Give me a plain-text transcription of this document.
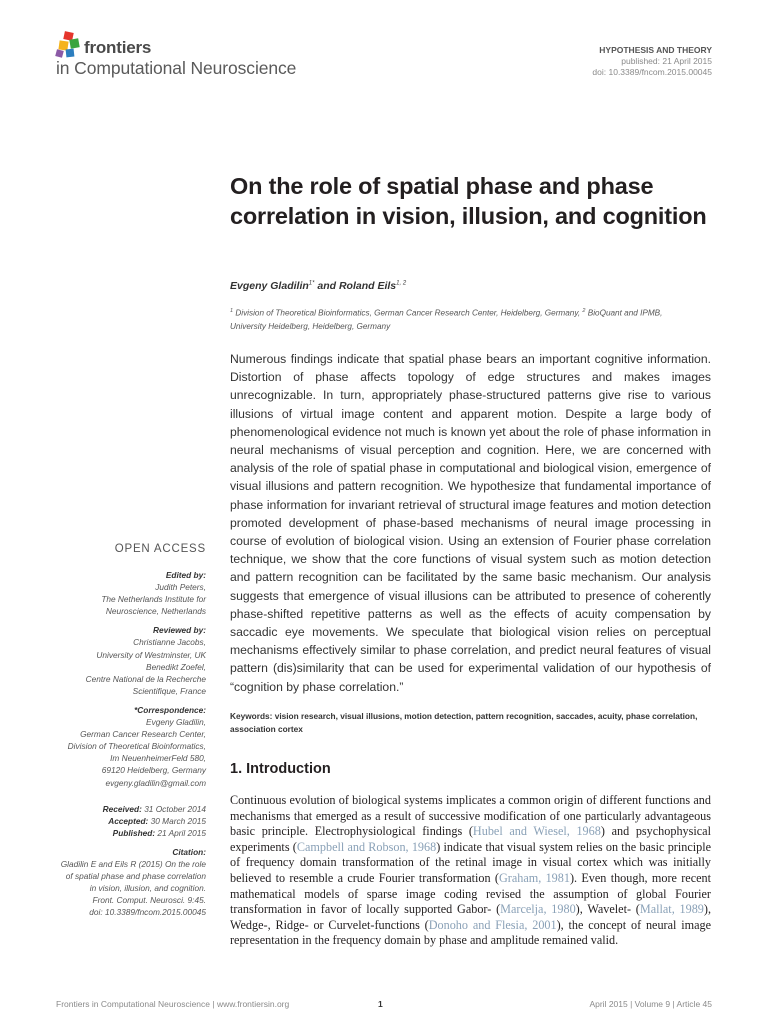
frontiers
in Computational Neuroscience
HYPOTHESIS AND THEORY
published: 21 April 2015
doi: 10.3389/fncom.2015.00045
On the role of spatial phase and phase correlation in vision, illusion, and cognition
Evgeny Gladilin$^{1*}$ and Roland Eils$^{1, 2}$
$^1$ Division of Theoretical Bioinformatics, German Cancer Research Center, Heidelberg, Germany, $^2$ BioQuant and IPMB,
University Heidelberg, Heidelberg, Germany

Numerous findings indicate that spatial phase bears an important cognitive information. Distortion of phase affects topology of edge structures and makes images unrecognizable. In turn, appropriately phase-structured patterns give rise to various illusions of virtual image content and apparent motion. Despite a large body of phenomenological evidence not much is known yet about the role of phase information in neural mechanisms of visual perception and cognition. Here, we are concerned with analysis of the role of spatial phase in computational and biological vision, emergence of visual illusions and pattern recognition. We hypothesize that fundamental importance of phase information for invariant retrieval of structural image features and motion detection promoted development of phase-based mechanisms of neural image processing in course of evolution of biological vision. Using an extension of Fourier phase correlation technique, we show that the core functions of visual system such as motion detection and pattern recognition can be facilitated by the same basic mechanism. Our analysis suggests that emergence of visual illusions can be attributed to presence of coherently phase-shifted repetitive patterns as well as the effects of acuity compensation by saccadic eye movements. We speculate that biological vision relies on perceptual mechanisms effectively similar to phase correlation, and predict neural features of visual pattern (dis)similarity that can be used for experimental validation of our hypothesis of “cognition by phase correlation.”

Keywords: vision research, visual illusions, motion detection, pattern recognition, saccades, acuity, phase correlation, association cortex

1. Introduction

Continuous evolution of biological systems implicates a common origin of different functions and mechanisms that emerged as a result of successive modification of one particularly advantageous basic principle. Electrophysiological findings (Hubel and Wiesel, 1968) and psychophysical experiments (Campbell and Robson, 1968) indicate that visual system relies on the basic principle of frequency domain transformation of the retinal image in visual cortex which was initially believed to resemble a crude Fourier transformation (Graham, 1981). Even though, more recent mathematical models of sparse image coding revised the assumption of global Fourier transformation in favor of locally supported Gabor- (Marcelja, 1980), Wavelet- (Mallat, 1989), Wedge-, Ridge- or Curvelet-functions (Donoho and Flesia, 2001), the concept of neural image representation in the frequency domain by phase and amplitude remained valid.

OPEN ACCESS
Edited by:
Judith Peters,
The Netherlands Institute for
Neuroscience, Netherlands
Reviewed by:
Christianne Jacobs,
University of Westminster, UK
Benedikt Zoefel,
Centre National de la Recherche
Scientifique, France
*Correspondence:
Evgeny Gladilin,
German Cancer Research Center,
Division of Theoretical Bioinformatics,
Im NeuenheimerFeld 580,
69120 Heidelberg, Germany
evgeny.gladilin@gmail.com
Received: 31 October 2014
Accepted: 30 March 2015
Published: 21 April 2015
Citation:
Gladilin E and Eils R (2015) On the role
of spatial phase and phase correlation
in vision, illusion, and cognition.
Front. Comput. Neurosci. 9:45.
doi: 10.3389/fncom.2015.00045
Frontiers in Computational Neuroscience | www.frontiersin.org	1	April 2015 | Volume 9 | Article 45
